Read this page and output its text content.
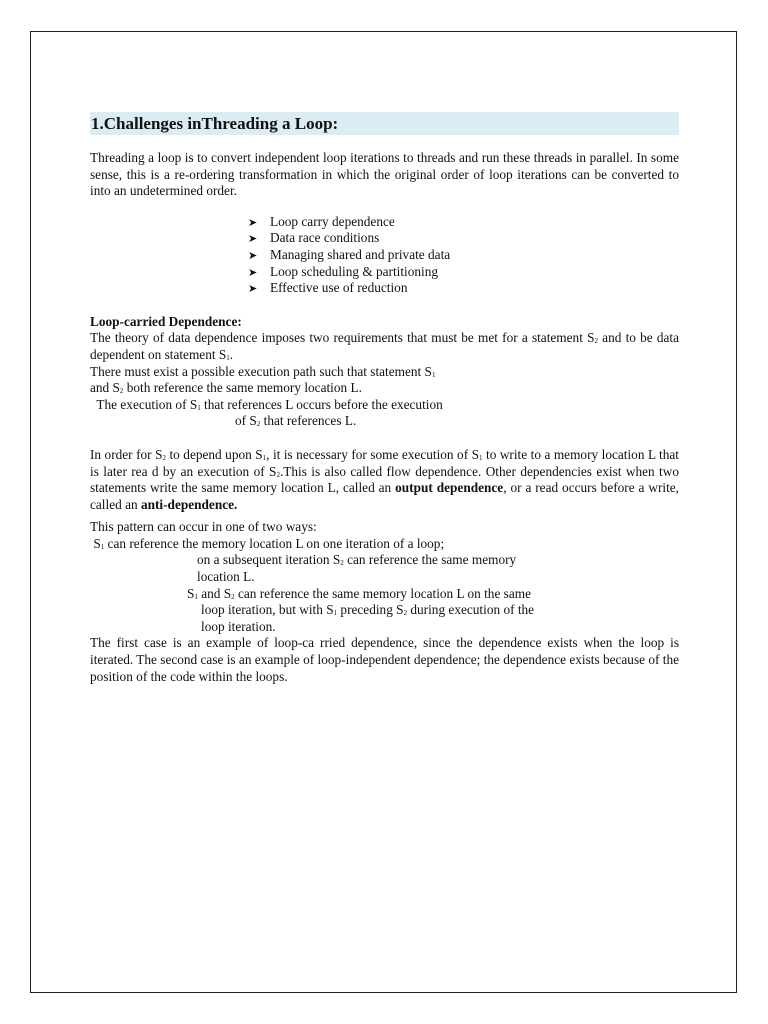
1.Challenges inThreading a Loop:

Threading a loop is to convert independent loop iterations to threads and run these threads in parallel. In some sense, this is a re-ordering transformation in which the original order of loop iterations can be converted to into an undetermined order.

➤ Loop carry dependence
➤ Data race conditions
➤ Managing shared and private data
➤ Loop scheduling & partitioning
➤ Effective use of reduction

Loop-carried Dependence:

The theory of data dependence imposes two requirements that must be met for a statement $S_2$ and to be data dependent on statement $S_1$.

There must exist a possible execution path such that statement $S_1$

and $S_2$ both reference the same memory location L.

The execution of $S_1$ that references L occurs before the execution

of $S_2$ that references L.

In order for $S_2$ to depend upon $S_1$, it is necessary for some execution of $S_1$ to write to a memory location L that is later rea d by an execution of $S_2.This$ is also called flow dependence. Other dependencies exist when two statements write the same memory location L, called an output dependence, or a read occurs before a write, called an anti-dependence.

This pattern can occur in one of two ways:

$S_1$ can reference the memory location L on one iteration of a loop;

on a subsequent iteration $S_2$ can reference the same memory

location L.

$S_1$ and $S_2$ can reference the same memory location L on the same

loop iteration, but with $S_1$ preceding $S_2$ during execution of the

loop iteration.

The first case is an example of loop-ca rried dependence, since the dependence exists when the loop is iterated. The second case is an example of loop-independent dependence; the dependence exists because of the position of the code within the loops.
